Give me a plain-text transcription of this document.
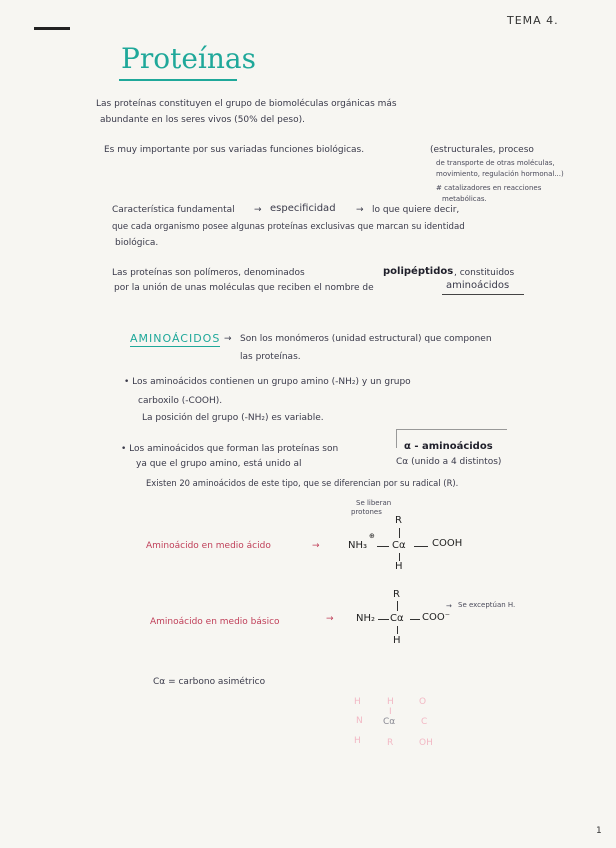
TEMA 4.
Proteínas
Las proteínas constituyen el grupo de biomoléculas orgánicas más
abundante en los seres vivos (50% del peso).
Es muy importante por sus variadas funciones biológicas.	(estructurales, proceso
de transporte de otras moléculas,
movimiento, regulación hormonal...)
# catalizadores en reacciones
metabólicas.
Característica fundamental → especificidad → lo que quiere decir,
que cada organismo posee algunas proteínas exclusivas que marcan su identidad
biológica.
Las proteínas son polímeros, denominados	polipéptidos , constituidos
por la unión de unas moléculas que reciben el nombre de	aminoácidos
AMINOÁCIDOS → Son los monómeros (unidad estructural) que componen
las proteínas.
• Los aminoácidos contienen un grupo amino (-NH₂) y un grupo
carboxilo (-COOH).
La posición del grupo (-NH₂) es variable.
• Los aminoácidos que forman las proteínas son	α - aminoácidos
ya que el grupo amino, está unido al	Cα (unido a 4 distintos)
Existen 20 aminoácidos de este tipo, que se diferencian por su radical (R).
Aminoácido en medio ácido	→
Se liberan
protones
R
NH₃
⊕
Cα	COOH
H
Aminoácido en medio básico	→
R
NH₂ Cα COO⁻
→ Se exceptúan H.
H
Cα = carbono asimétrico
H
N
H
H
I
R
Cα
O
C
OH
1
